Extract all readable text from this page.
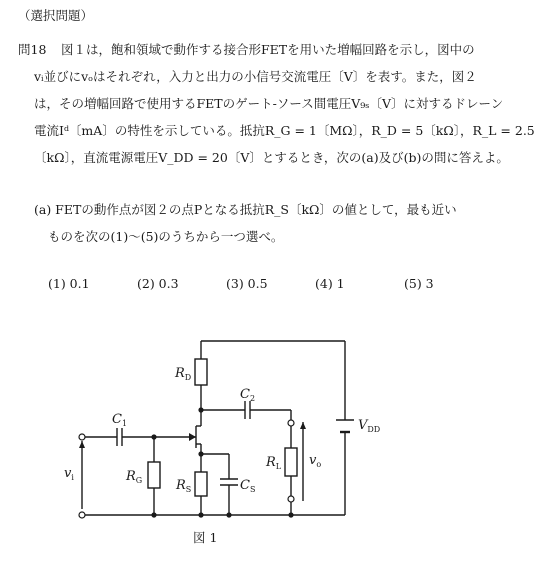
（選択問題）
問18 図１は，飽和領域で動作する接合形FETを用いた増幅回路を示し，図中の
vᵢ並びにvₒはそれぞれ，入力と出力の小信号交流電圧〔V〕を表す。また，図２
は，その増幅回路で使用するFETのゲート-ソース間電圧V₉ₛ〔V〕に対するドレーン
電流Iᵈ〔mA〕の特性を示している。抵抗R_G = 1〔MΩ〕，R_D = 5〔kΩ〕，R_L = 2.5
〔kΩ〕，直流電源電圧V_DD = 20〔V〕とするとき，次の(a)及び(b)の問に答えよ。
(a) FETの動作点が図２の点Pとなる抵抗R_S〔kΩ〕の値として，最も近い
ものを次の(1)～(5)のうちから一つ選べ。
(1) 0.1	(2) 0.3	(3) 0.5	(4) 1	(5) 3
$R_D$
$C_2$
$C_1$	$V_{DD}$
$R_G$	$R_S$	$C_S$
$R_L$
$v_i$
$v_o$
図 1
